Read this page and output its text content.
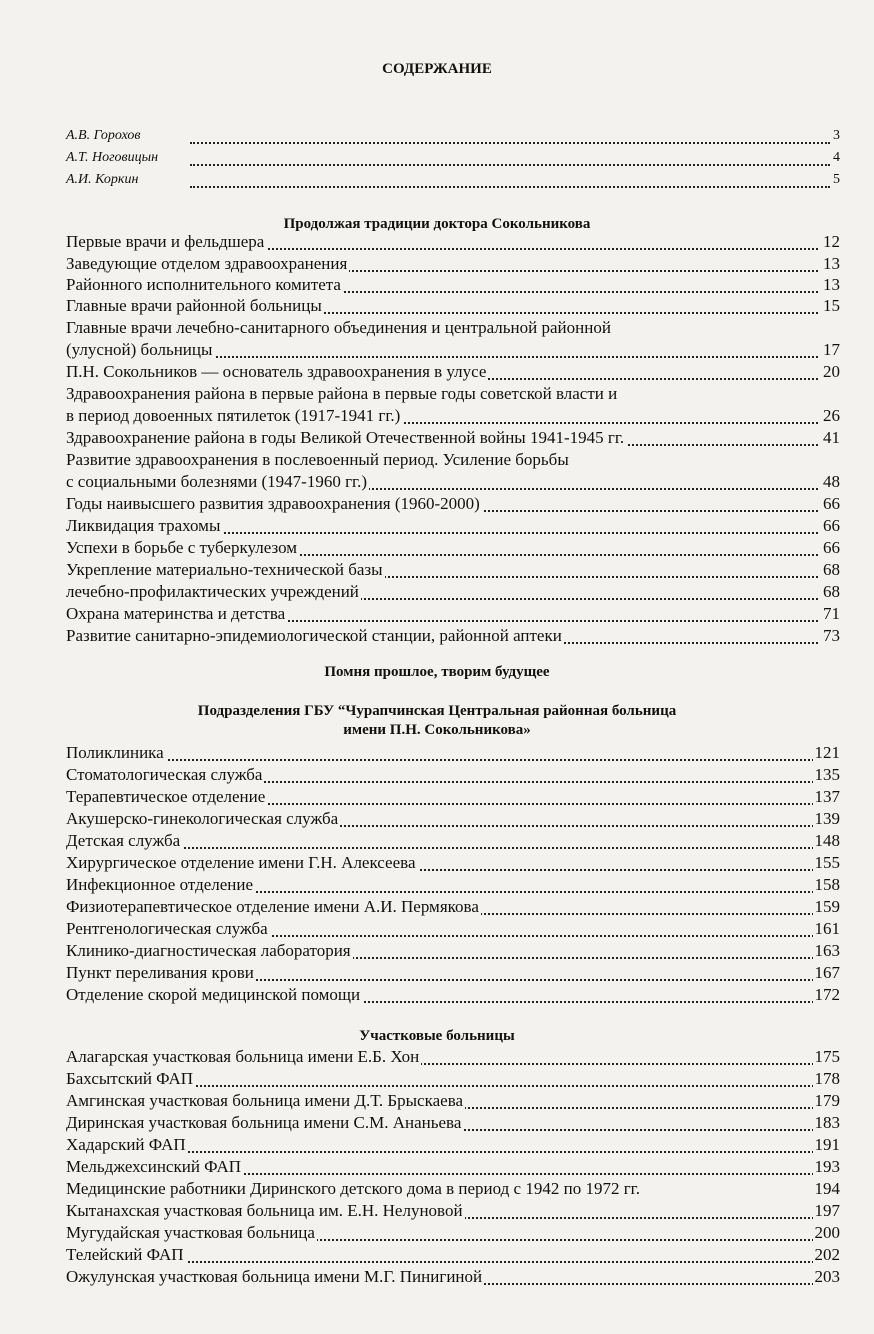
СОДЕРЖАНИЕ
А.В. Горохов	3
А.Т. Ноговицын	4
А.И. Коркин	5
Продолжая традиции доктора Сокольникова
Первые врачи и фельдшера	12
Заведующие отделом здравоохранения	13
Районного исполнительного комитета	13
Главные врачи районной больницы	15
Главные врачи лечебно-санитарного объединения и центральной районной
(улусной) больницы	17
П.Н. Сокольников — основатель здравоохранения в улусе	20
Здравоохранения района в первые района в первые годы советской власти и
в период довоенных пятилеток (1917-1941 гг.)	26
Здравоохранение района в годы Великой Отечественной войны 1941-1945 гг.	41
Развитие здравоохранения в послевоенный период. Усиление борьбы
с социальными болезнями (1947-1960 гг.)	48
Годы наивысшего развития здравоохранения (1960-2000)	66
Ликвидация трахомы	66
Успехи в борьбе с туберкулезом	66
Укрепление материально-технической базы	68
лечебно-профилактических учреждений	68
Охрана материнства и детства	71
Развитие санитарно-эпидемиологической станции, районной аптеки	73
Помня прошлое, творим будущее
Подразделения ГБУ “Чурапчинская Центральная районная больница
имени П.Н. Сокольникова»
Поликлиника	121
Стоматологическая служба	135
Терапевтическое отделение	137
Акушерско-гинекологическая служба	139
Детская служба	148
Хирургическое отделение имени Г.Н. Алексеева	155
Инфекционное отделение	158
Физиотерапевтическое отделение имени А.И. Пермякова	159
Рентгенологическая служба	161
Клинико-диагностическая лаборатория	163
Пункт переливания крови	167
Отделение скорой медицинской помощи	172
Участковые больницы
Алагарская участковая больница имени Е.Б. Хон	175
Бахсытский ФАП	178
Амгинская участковая больница имени Д.Т. Брыскаева	179
Диринская участковая больница имени С.М. Ананьева	183
Хадарский ФАП	191
Мельджехсинский ФАП	193
Медицинские работники Диринского детского дома в период с 1942 по 1972 гг.	194
Кытанахская участковая больница им. Е.Н. Нелуновой	197
Мугудайская участковая больница	200
Телейский ФАП	202
Ожулунская участковая больница имени М.Г. Пинигиной	203
